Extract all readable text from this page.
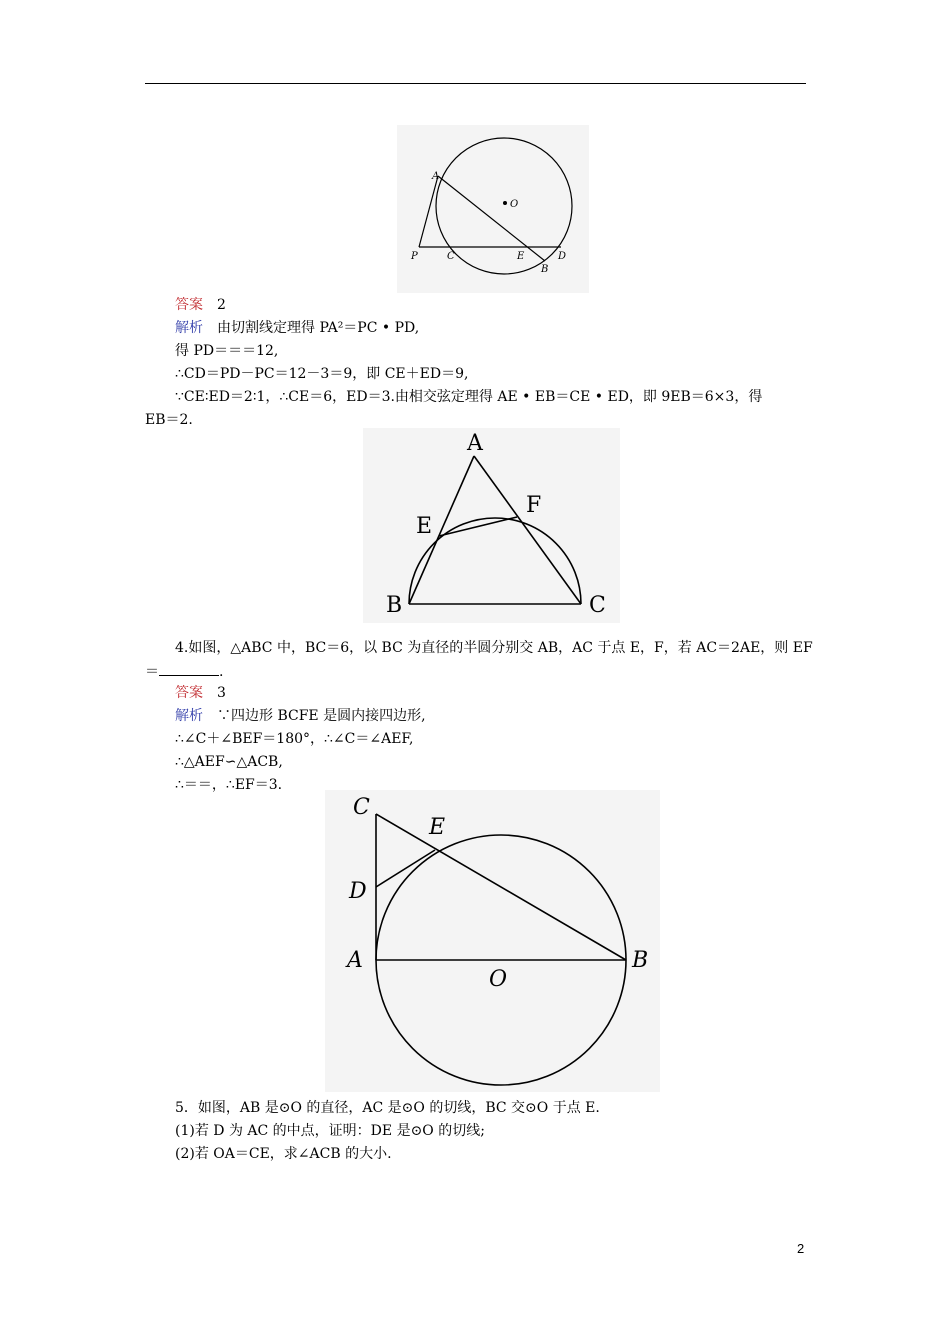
A
O
P	C	E
B
D
答案 2
解析 由切割线定理得 PA²＝PC • PD,
得 PD＝＝＝12,
∴CD＝PD－PC＝12－3＝9，即 CE＋ED＝9,
∵CE∶ED＝2∶1，∴CE＝6，ED＝3.由相交弦定理得 AE • EB＝CE • ED，即 9EB＝6×3，得
EB＝2.
A
F
E
B	C
4.如图，△ABC 中，BC＝6，以 BC 为直径的半圆分别交 AB，AC 于点 E，F，若 AC＝2AE，则 EF
＝	.
答案 3
解析 ∵四边形 BCFE 是圆内接四边形,
∴∠C＋∠BEF＝180°，∴∠C＝∠AEF,
∴△AEF∽△ACB,
∴＝＝，∴EF＝3.
C
E
D
A	B
O
5．如图，AB 是⊙O 的直径，AC 是⊙O 的切线，BC 交⊙O 于点 E.
(1)若 D 为 AC 的中点，证明：DE 是⊙O 的切线;
(2)若 OA＝CE，求∠ACB 的大小.
2
